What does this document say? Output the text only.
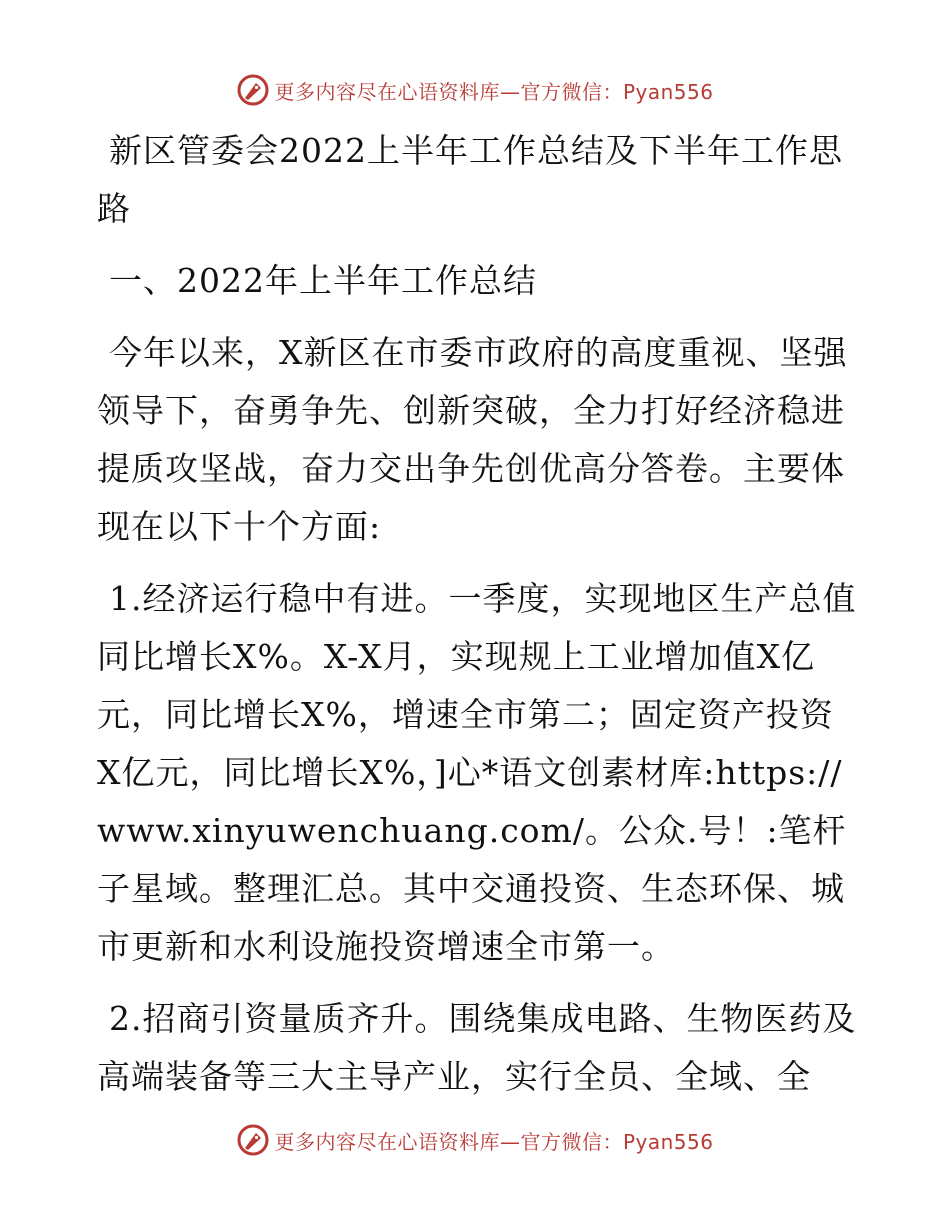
更多内容尽在心语资料库—官方微信：Pyan556

新区管委会2022上半年工作总结及下半年工作思路

一、2022年上半年工作总结

今年以来，X新区在市委市政府的高度重视、坚强领导下，奋勇争先、创新突破，全力打好经济稳进提质攻坚战，奋力交出争先创优高分答卷。主要体现在以下十个方面:

1.经济运行稳中有进。一季度，实现地区生产总值同比增长X%。X-X月，实现规上工业增加值X亿元，同比增长X%，增速全市第二；固定资产投资X亿元，同比增长X%，]心*语文创素材库:https://www.xinyuwenchuang.com/。公众.号！:笔杆子星域。整理汇总。其中交通投资、生态环保、城市更新和水利设施投资增速全市第一。

2.招商引资量质齐升。围绕集成电路、生物医药及高端装备等三大主导产业，实行全员、全域、全

更多内容尽在心语资料库—官方微信：Pyan556
